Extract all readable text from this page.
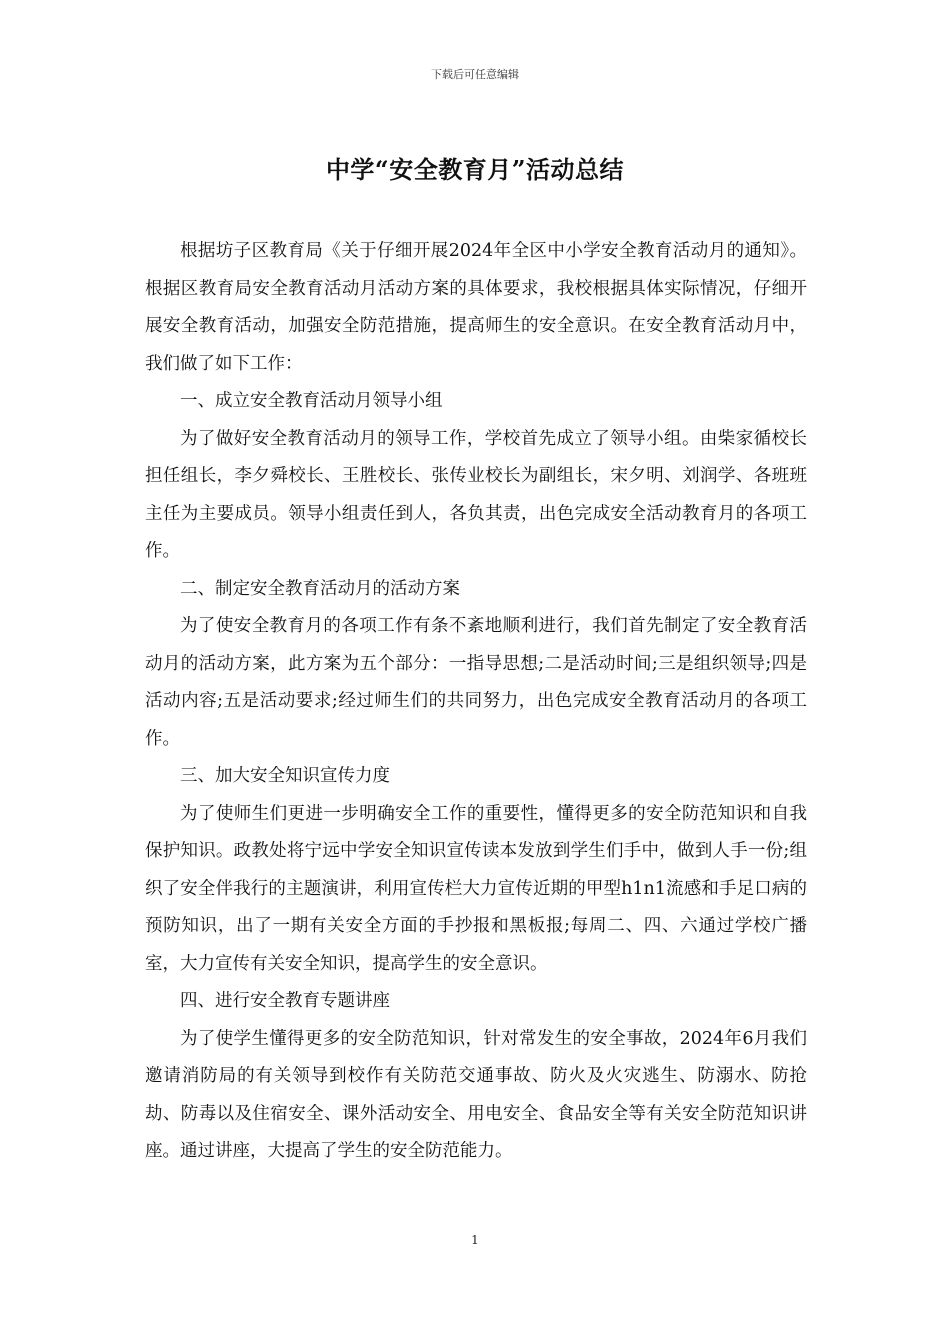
下载后可任意编辑
中学“安全教育月”活动总结

根据坊子区教育局《关于仔细开展2024年全区中小学安全教育活动月的通知》。根据区教育局安全教育活动月活动方案的具体要求，我校根据具体实际情况，仔细开展安全教育活动，加强安全防范措施，提高师生的安全意识。在安全教育活动月中，我们做了如下工作：

一、成立安全教育活动月领导小组

为了做好安全教育活动月的领导工作，学校首先成立了领导小组。由柴家循校长担任组长，李夕舜校长、王胜校长、张传业校长为副组长，宋夕明、刘润学、各班班主任为主要成员。领导小组责任到人，各负其责，出色完成安全活动教育月的各项工作。

二、制定安全教育活动月的活动方案

为了使安全教育月的各项工作有条不紊地顺利进行，我们首先制定了安全教育活动月的活动方案，此方案为五个部分：一指导思想;二是活动时间;三是组织领导;四是活动内容;五是活动要求;经过师生们的共同努力，出色完成安全教育活动月的各项工作。

三、加大安全知识宣传力度

为了使师生们更进一步明确安全工作的重要性，懂得更多的安全防范知识和自我保护知识。政教处将宁远中学安全知识宣传读本发放到学生们手中，做到人手一份;组织了安全伴我行的主题演讲，利用宣传栏大力宣传近期的甲型h1n1流感和手足口病的预防知识，出了一期有关安全方面的手抄报和黑板报;每周二、四、六通过学校广播室，大力宣传有关安全知识，提高学生的安全意识。

四、进行安全教育专题讲座

为了使学生懂得更多的安全防范知识，针对常发生的安全事故，2024年6月我们邀请消防局的有关领导到校作有关防范交通事故、防火及火灾逃生、防溺水、防抢劫、防毒以及住宿安全、课外活动安全、用电安全、食品安全等有关安全防范知识讲座。通过讲座，大提高了学生的安全防范能力。

1
